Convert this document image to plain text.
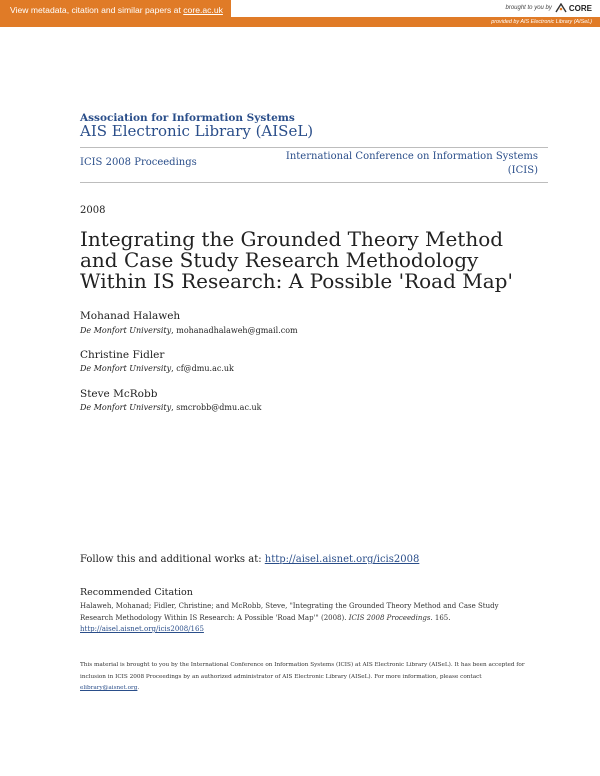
View metadata, citation and similar papers at core.ac.uk	brought to you by CORE
provided by AIS Electronic Library (AISeL)
Association for Information Systems
AIS Electronic Library (AISeL)
ICIS 2008 Proceedings
International Conference on Information Systems
(ICIS)
2008
Integrating the Grounded Theory Method and Case Study Research Methodology Within IS Research: A Possible 'Road Map'
Mohanad Halaweh
De Monfort University, mohanadhalaweh@gmail.com
Christine Fidler
De Monfort University, cf@dmu.ac.uk
Steve McRobb
De Monfort University, smcrobb@dmu.ac.uk
Follow this and additional works at: http://aisel.aisnet.org/icis2008
Recommended Citation
Halaweh, Mohanad; Fidler, Christine; and McRobb, Steve, "Integrating the Grounded Theory Method and Case Study Research Methodology Within IS Research: A Possible 'Road Map'" (2008). ICIS 2008 Proceedings. 165.
http://aisel.aisnet.org/icis2008/165
This material is brought to you by the International Conference on Information Systems (ICIS) at AIS Electronic Library (AISeL). It has been accepted for inclusion in ICIS 2008 Proceedings by an authorized administrator of AIS Electronic Library (AISeL). For more information, please contact elibrary@aisnet.org.
